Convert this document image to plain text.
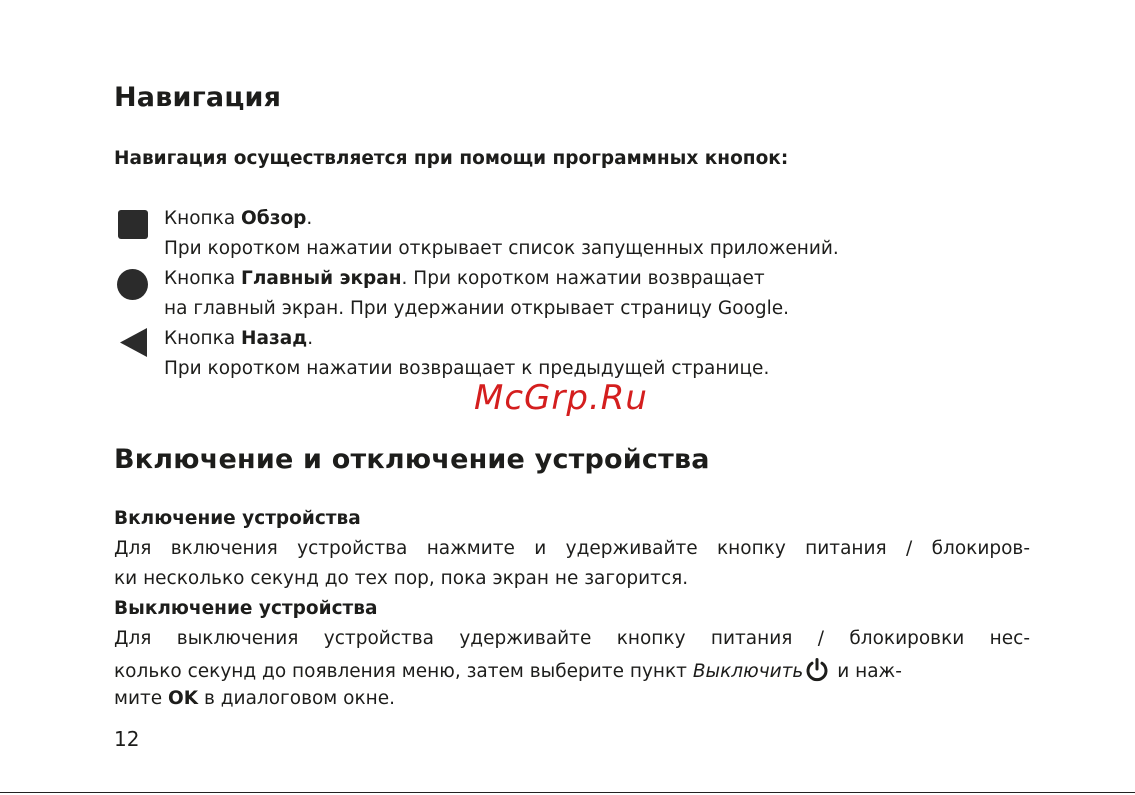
Навигация

Навигация осуществляется при помощи программных кнопок:

Кнопка Обзор.

При коротком нажатии открывает список запущенных приложений.

Кнопка Главный экран. При коротком нажатии возвращает

на главный экран. При удержании открывает страницу Google.

Кнопка Назад.

При коротком нажатии возвращает к предыдущей странице.

McGrp.Ru

Включение и отключение устройства

Включение устройства

Для включения устройства нажмите и удерживайте кнопку питания / блокиров-

ки несколько секунд до тех пор, пока экран не загорится.

Выключение устройства

Для выключения устройства удерживайте кнопку питания / блокировки нес-

колько секунд до появления меню, затем выберите пункт Выключить и наж-

мите OK в диалоговом окне.

12
